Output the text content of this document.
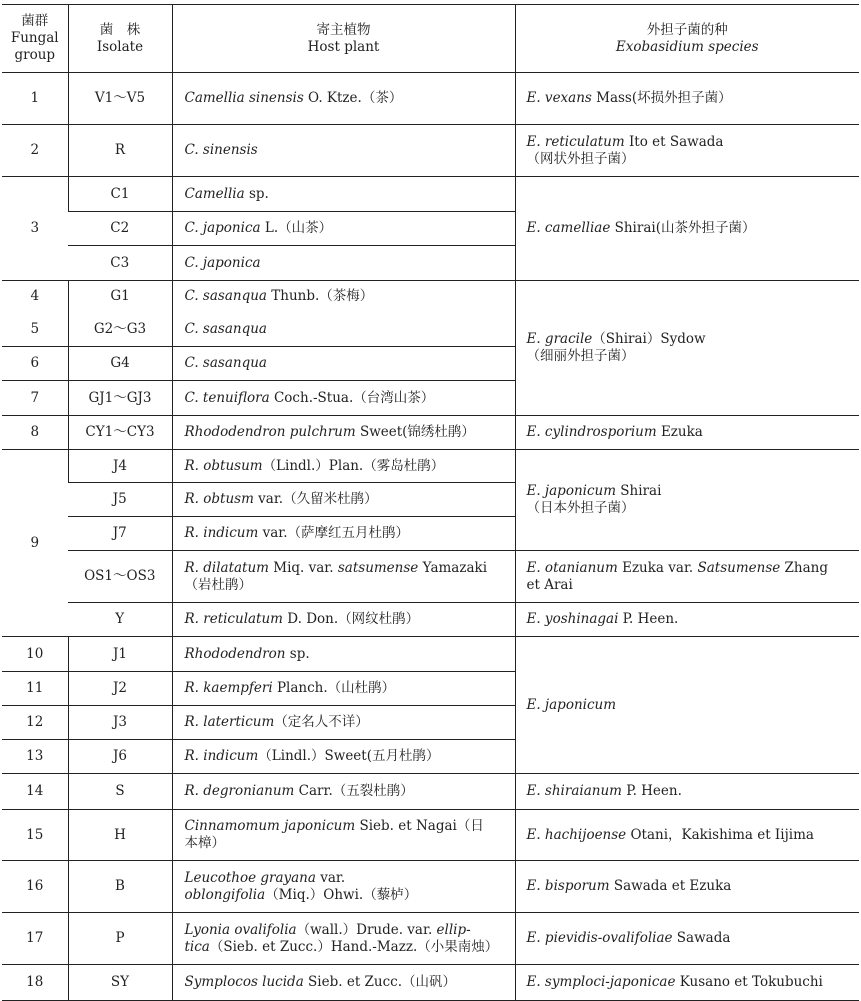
菌群
Fungal
group	菌　株
Isolate	寄主植物
Host plant	外担子菌的种
Exobasidium species

1	V1～V5	Camellia sinensis O. Ktze.（茶）	E. vexans Mass(坏损外担子菌）
2	R	C. sinensis	E. reticulatum Ito et Sawada
（网状外担子菌）

3	C1	Camellia sp.	E. camelliae Shirai(山茶外担子菌）
	C2	C. japonica L.（山茶）	
	C3	C. japonica	
4	G1	C. sasanqua Thunb.（茶梅）	E. gracile（Shirai）Sydow
（细丽外担子菌）

5	G2～G3	C. sasanqua	
6	G4	C. sasanqua	
7	GJ1～GJ3	C. tenuiflora Coch.-Stua.（台湾山茶）	
8	CY1～CY3	Rhododendron pulchrum Sweet(锦绣杜鹃）	E. cylindrosporium Ezuka
9	J4	R. obtusum（Lindl.）Plan.（雾岛杜鹃）	E. japonicum Shirai
（日本外担子菌）

	J5	R. obtusm var.（久留米杜鹃）	
	J7	R. indicum var.（萨摩红五月杜鹃）	
	OS1～OS3	R. dilatatum Miq. var. satsumense Yamazaki
（岩杜鹃）	E. otanianum Ezuka var. Satsumense Zhang
et Arai

	Y	R. reticulatum D. Don.（网纹杜鹃）	E. yoshinagai P. Heen.
10	J1	Rhododendron sp.	E. japonicum
11	J2	R. kaempferi Planch.（山杜鹃）	
12	J3	R. laterticum（定名人不详）	
13	J6	R. indicum（Lindl.）Sweet(五月杜鹃）	
14	S	R. degronianum Carr.（五裂杜鹃）	E. shiraianum P. Heen.
15	H	Cinnamomum japonicum Sieb. et Nagai（日
本樟）	E. hachijoense Otani，Kakishima et Iijima
16	B	Leucothoe grayana var.
oblongifolia（Miq.）Ohwi.（藜栌）	E. bisporum Sawada et Ezuka
17	P	Lyonia ovalifolia（wall.）Drude. var. ellip-
tica（Sieb. et Zucc.）Hand.-Mazz.（小果南烛）	E. pievidis-ovalifoliae Sawada
18	SY	Symplocos lucida Sieb. et Zucc.（山矾）	E. symploci-japonicae Kusano et Tokubuchi
